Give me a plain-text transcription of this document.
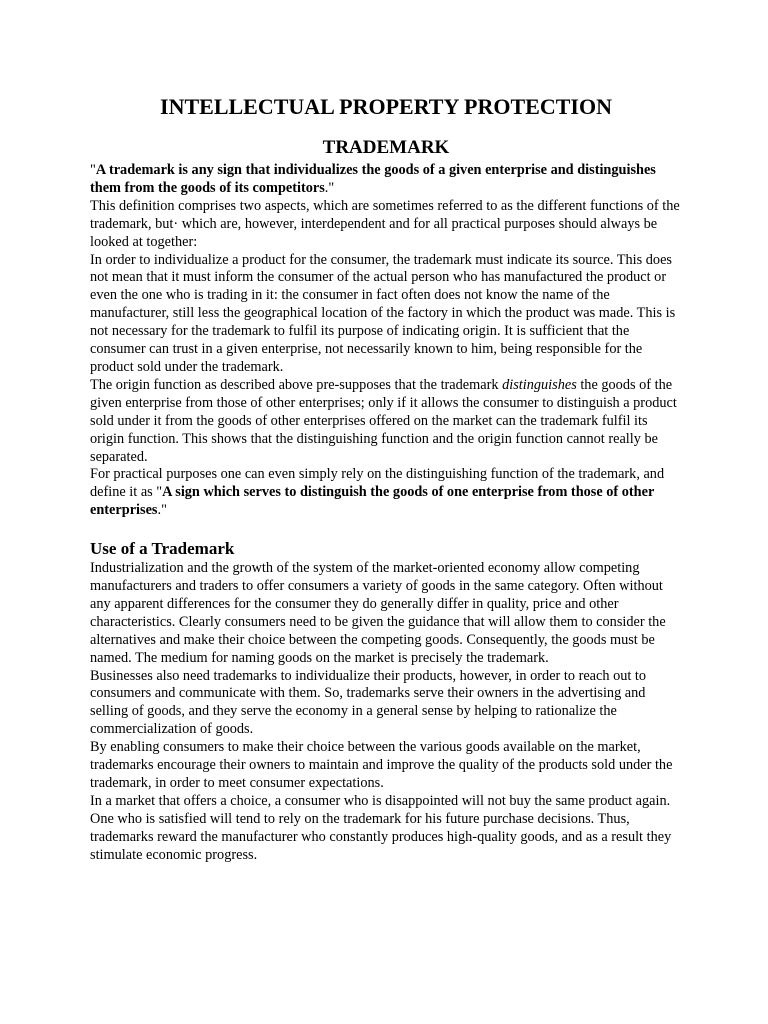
INTELLECTUAL PROPERTY PROTECTION
TRADEMARK

"A trademark is any sign that individualizes the goods of a given enterprise and distinguishes them from the goods of its competitors."

This definition comprises two aspects, which are sometimes referred to as the different functions of the trademark, but· which are, however, interdependent and for all practical purposes should always be looked at together:

In order to individualize a product for the consumer, the trademark must indicate its source. This does not mean that it must inform the consumer of the actual person who has manufactured the product or even the one who is trading in it: the consumer in fact often does not know the name of the manufacturer, still less the geographical location of the factory in which the product was made. This is not necessary for the trademark to fulfil its purpose of indicating origin. It is sufficient that the consumer can trust in a given enterprise, not necessarily known to him, being responsible for the product sold under the trademark.

The origin function as described above pre-supposes that the trademark distinguishes the goods of the given enterprise from those of other enterprises; only if it allows the consumer to distinguish a product sold under it from the goods of other enterprises offered on the market can the trademark fulfil its origin function. This shows that the distinguishing function and the origin function cannot really be separated.

For practical purposes one can even simply rely on the distinguishing function of the trademark, and define it as "A sign which serves to distinguish the goods of one enterprise from those of other enterprises."

Use of a Trademark

Industrialization and the growth of the system of the market-oriented economy allow competing manufacturers and traders to offer consumers a variety of goods in the same category. Often without any apparent differences for the consumer they do generally differ in quality, price and other characteristics. Clearly consumers need to be given the guidance that will allow them to consider the alternatives and make their choice between the competing goods. Consequently, the goods must be named. The medium for naming goods on the market is precisely the trademark.

Businesses also need trademarks to individualize their products, however, in order to reach out to consumers and communicate with them. So, trademarks serve their owners in the advertising and selling of goods, and they serve the economy in a general sense by helping to rationalize the commercialization of goods.

By enabling consumers to make their choice between the various goods available on the market, trademarks encourage their owners to maintain and improve the quality of the products sold under the trademark, in order to meet consumer expectations.

In a market that offers a choice, a consumer who is disappointed will not buy the same product again. One who is satisfied will tend to rely on the trademark for his future purchase decisions. Thus, trademarks reward the manufacturer who constantly produces high-quality goods, and as a result they stimulate economic progress.
